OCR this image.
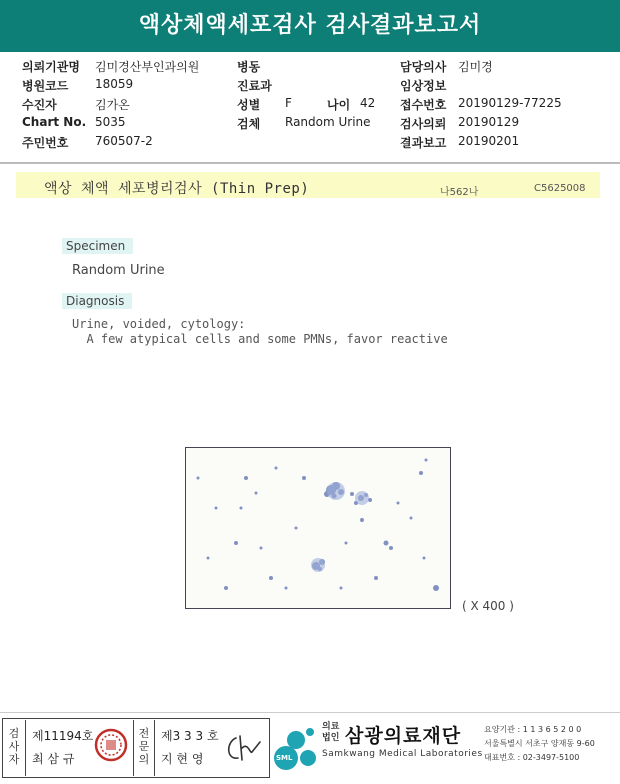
액상체액세포검사 검사결과보고서
의뢰기관명 김미경산부인과의원
병원코드 18059
수진자	김가온
Chart No. 5035
주민번호 760507-2
병동
진료과
성별 F	나이 42
검체 Random Urine
담당의사 김미경
임상정보
접수번호 20190129-77225
검사의뢰 20190129
결과보고 20190201
액상 체액 세포병리검사 (Thin Prep)	나562나	C5625008
Specimen
Random Urine
Diagnosis
Urine, voided, cytology:
A few atypical cells and some PMNs, favor reactive
( X 400 )
검사자
제11194호
최 삼 규
전문의
제3 3 3 호
지 현 영	SML
의료법인 삼광의료재단
Samkwang Medical Laboratories
요양기관 : 1 1 3 6 5 2 0 0
서울특별시 서초구 양재동 9-60
대표번호 : 02-3497-5100
